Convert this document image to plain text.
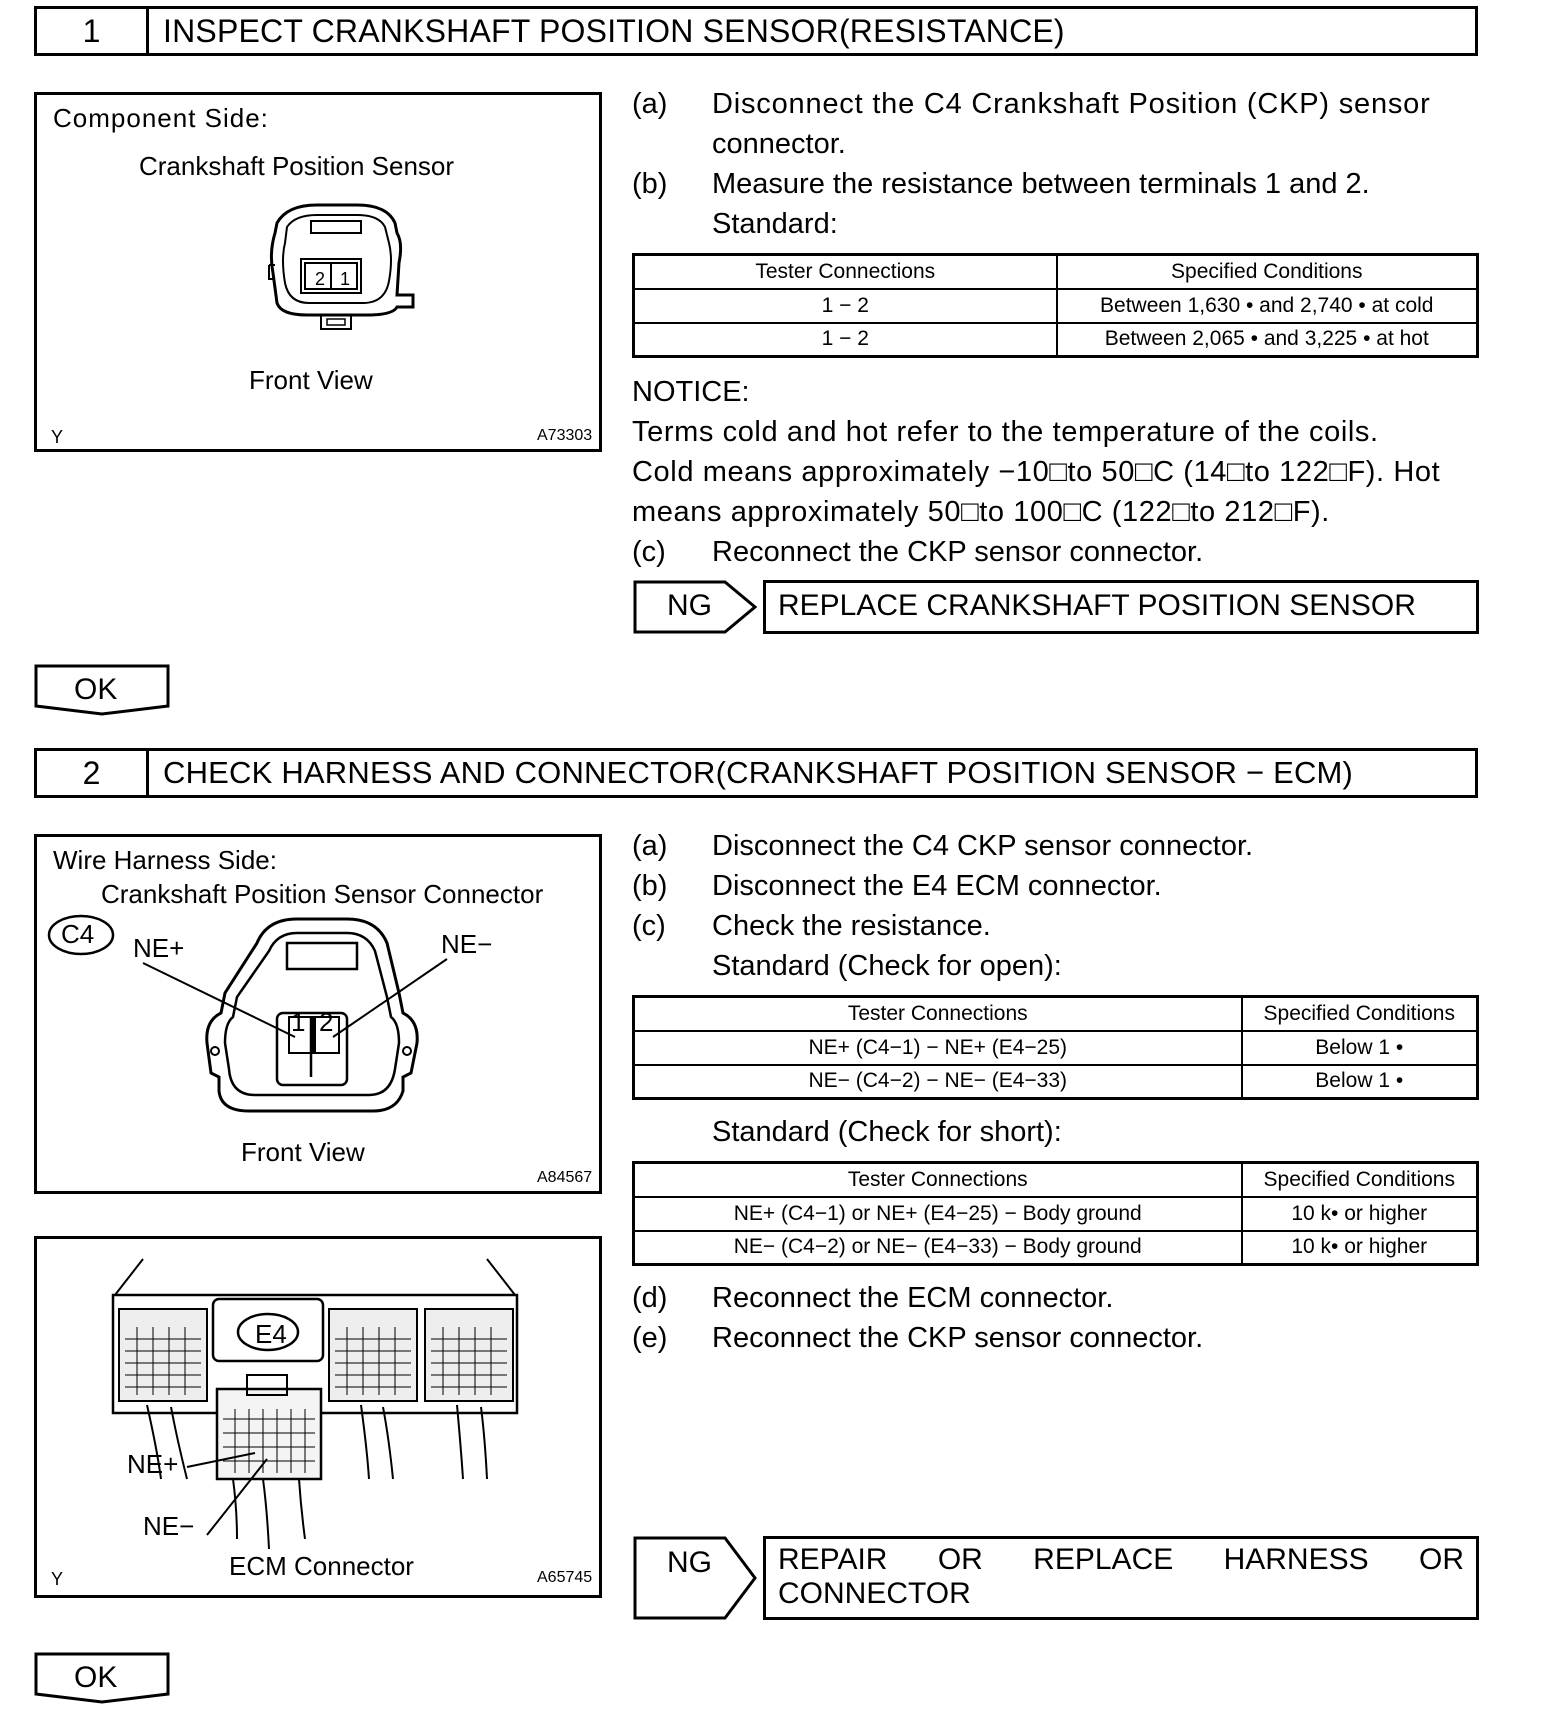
1	INSPECT CRANKSHAFT POSITION SENSOR(RESISTANCE)
Component Side:
Crankshaft Position Sensor
2 1
Front View
Y	A73303
(a) Disconnect the C4 Crankshaft Position (CKP) sensor
connector.
(b) Measure the resistance between terminals 1 and 2.
Standard:
Tester Connections	Specified Conditions
1 − 2	Between 1,630 • and 2,740 • at cold
1 − 2	Between 2,065 • and 3,225 • at hot
NOTICE:
Terms cold and hot refer to the temperature of the coils.
Cold means approximately −10□to 50□C (14□to 122□F). Hot
means approximately 50□to 100□C (122□to 212□F).
(c) Reconnect the CKP sensor connector.
NG	REPLACE CRANKSHAFT POSITION SENSOR
OK
2	CHECK HARNESS AND CONNECTOR(CRANKSHAFT POSITION SENSOR − ECM)
Wire Harness Side:
Crankshaft Position Sensor Connector
C4 NE+	NE−
1 2
Front View
A84567
E4
NE+
NE−
ECM Connector
Y	A65745
(a) Disconnect the C4 CKP sensor connector.
(b) Disconnect the E4 ECM connector.
(c) Check the resistance.
Standard (Check for open):
Tester Connections	Specified Conditions
NE+ (C4−1) − NE+ (E4−25)	Below 1 •
NE− (C4−2) − NE− (E4−33)	Below 1 •
Standard (Check for short):
Tester Connections	Specified Conditions
NE+ (C4−1) or NE+ (E4−25) − Body ground	10 k• or higher
NE− (C4−2) or NE− (E4−33) − Body ground	10 k• or higher
(d) Reconnect the ECM connector.
(e) Reconnect the CKP sensor connector.
NG REPAIR OR REPLACE HARNESS OR
CONNECTOR
OK
